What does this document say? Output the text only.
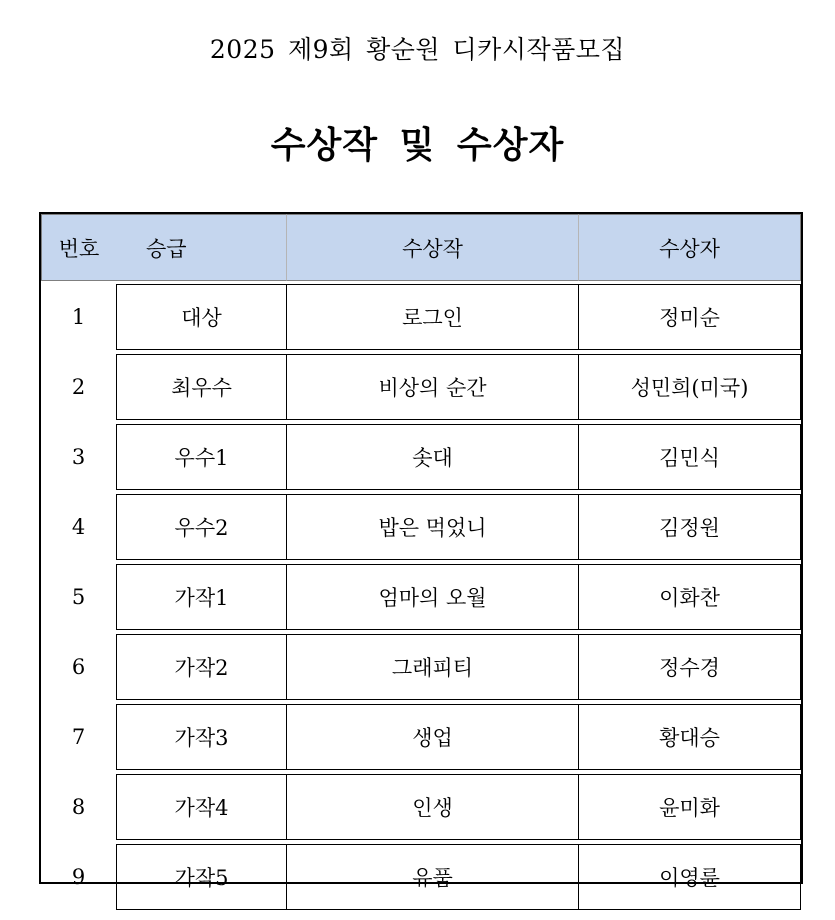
2025 제9회 황순원 디카시작품모집
수상작 및 수상자
번호	승급	수상작	수상자

1	대상	로그인	정미순

2	최우수	비상의 순간	성민희(미국)

3	우수1	솟대	김민식

4	우수2	밥은 먹었니	김정원

5	가작1	엄마의 오월	이화찬

6	가작2	그래피티	정수경

7	가작3	생업	황대승

8	가작4	인생	윤미화

9	가작5	유품	이영륜
